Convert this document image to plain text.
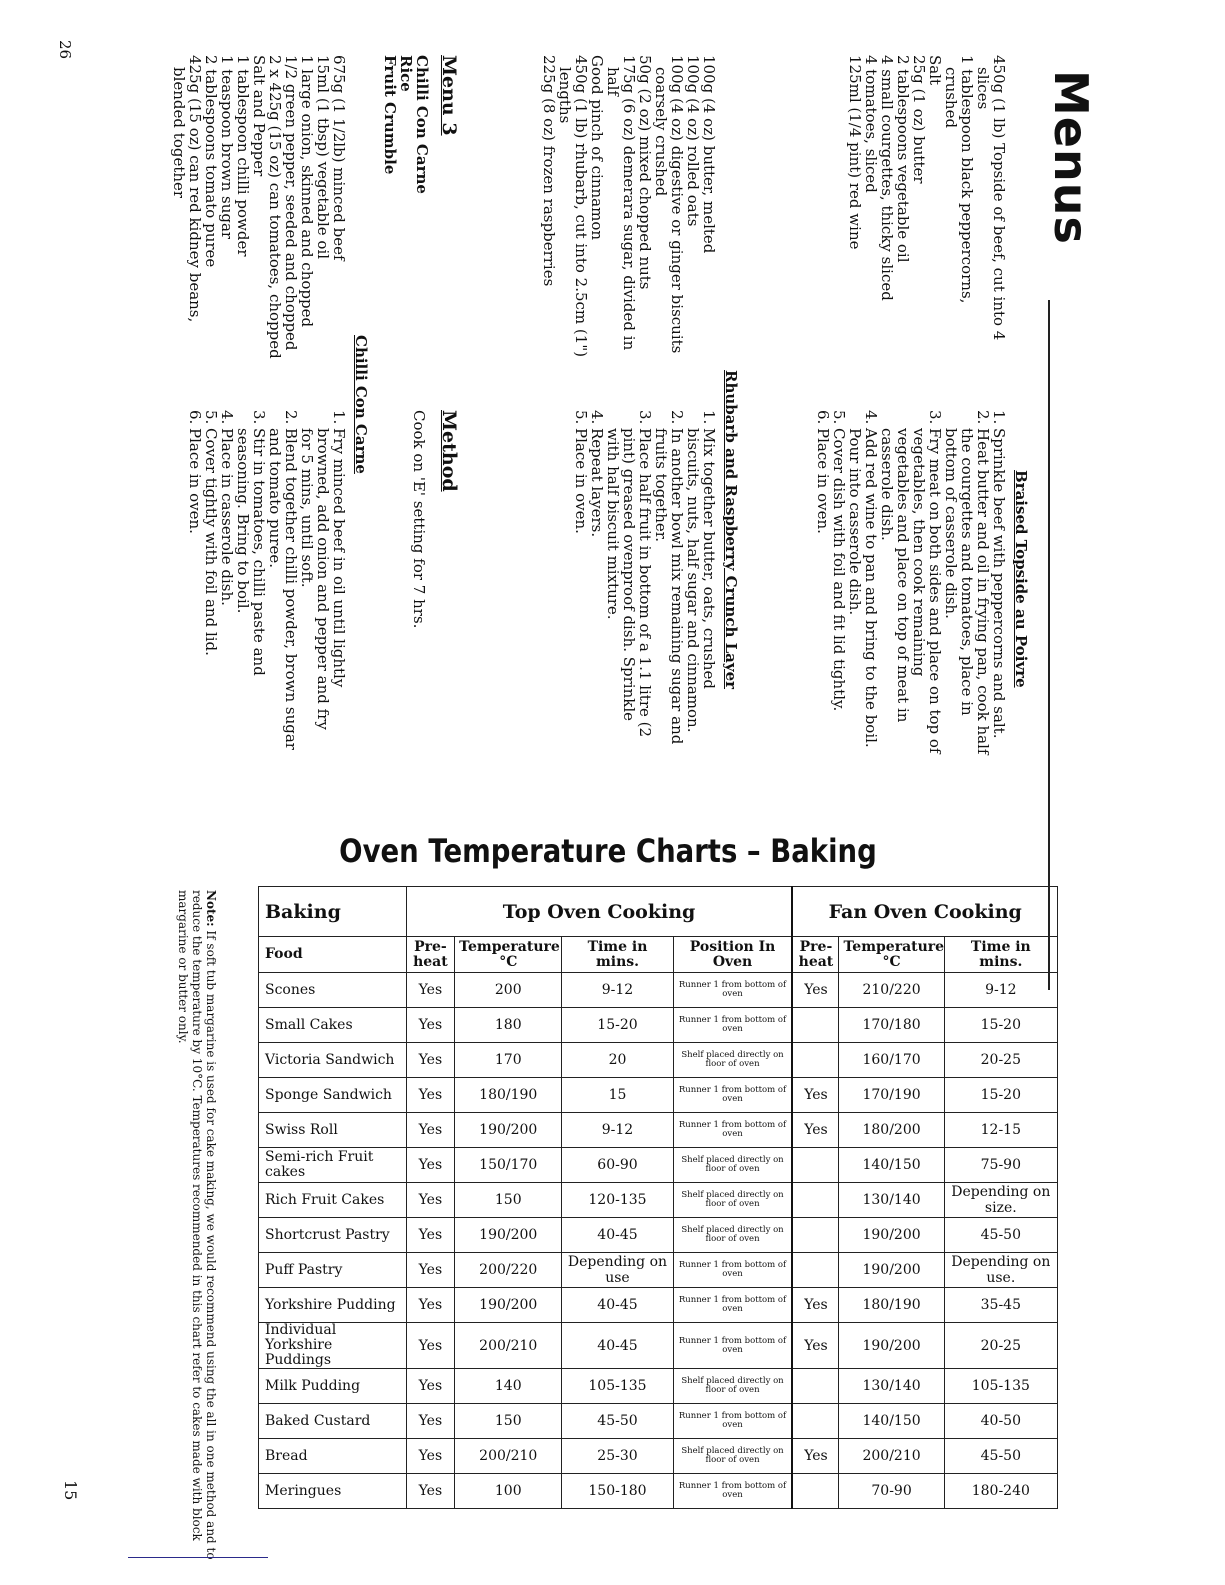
Menus
Braised Topside au Poivre
450g (1 lb) Topside of beef, cut into 4 slices
1 tablespoon black peppercorns, crushed
Salt
25g (1 oz) butter
2 tablespoons vegetable oil
4 small courgettes, thicky sliced
4 tomatoes, sliced
125ml (1/4 pint) red wine
1.
Sprinkle beef with peppercorns and salt.
2.
Heat butter and oil in frying pan, cook half the courgettes and tomatoes, place in bottom of casserole dish.
3.
Fry meat on both sides and place on top of vegetables, then cook remaining vegetables and place on top of meat in casserole dish.
4.
Add red wine to pan and bring to the boil. Pour into casserole dish.
5.
Cover dish with foil and fit lid tightly.
6.
Place in oven.
Rhubarb and Raspberry Crunch Layer
100g (4 oz) butter, melted
100g (4 oz) rolled oats
100g (4 oz) digestive or ginger biscuits coarsely crushed
50g (2 oz) mixed chopped nuts
175g (6 oz) demerara sugar, divided in half
Good pinch of cinnamon
450g (1 lb) rhubarb, cut into 2.5cm (1") lengths
225g (8 oz) frozen raspberries
1.
Mix together butter, oats, crushed biscuits, nuts, half sugar and cinnamon.
2.
In another bowl mix remaining sugar and fruits together.
3.
Place half fruit in bottom of a 1.1 litre (2 pint) greased ovenproof dish. Sprinkle with half biscuit mixture.
4.
Repeat layers.
5.
Place in oven.
Menu 3
Chilli Con Carne
Rice
Fruit Crumble
Method

Cook on 'E' setting for 7 hrs.

Chilli Con Carne
675g (1 1/2lb) minced beef
15ml (1 tbsp) vegetable oil
1 large onion, skinned and chopped
1/2 green pepper, seeded and chopped
2 x 425g (15 oz) can tomatoes, chopped
Salt and Pepper
1 tablespoon chilli powder
1 teaspoon brown sugar
2 tablespoons tomato puree
425g (15 oz) can red kidney beans, blended together
1.
Fry minced beef in oil until lightly browned, add onion and pepper and fry for 5 mins, until soft.
2.
Blend together chilli powder, brown sugar and tomato puree.
3.
Stir in tomatoes, chilli paste and seasoning. Bring to boil.
4.
Place in casserole dish.
5.
Cover tightly with foil and lid.
6.
Place in oven.
26
Oven Temperature Charts – Baking
Baking	Top Oven Cooking				Fan Oven Cooking		
Food	Pre- heat	Temperature °C	Time in mins.	Position In Oven	Pre- heat	Temperature °C	Time in mins.
Scones	Yes	200	9-12	Runner 1 from bottom of oven	Yes	210/220	9-12
Small Cakes	Yes	180	15-20	Runner 1 from bottom of oven		170/180	15-20
Victoria Sandwich	Yes	170	20	Shelf placed directly on floor of oven		160/170	20-25
Sponge Sandwich	Yes	180/190	15	Runner 1 from bottom of oven	Yes	170/190	15-20
Swiss Roll	Yes	190/200	9-12	Runner 1 from bottom of oven	Yes	180/200	12-15
Semi-rich Fruit cakes	Yes	150/170	60-90	Shelf placed directly on floor of oven		140/150	75-90
Rich Fruit Cakes	Yes	150	120-135	Shelf placed directly on floor of oven		130/140	Depending on size.
Shortcrust Pastry	Yes	190/200	40-45	Shelf placed directly on floor of oven		190/200	45-50
Puff Pastry	Yes	200/220	Depending on use	Runner 1 from bottom of oven		190/200	Depending on use.
Yorkshire Pudding	Yes	190/200	40-45	Runner 1 from bottom of oven	Yes	180/190	35-45
Individual Yorkshire Puddings	Yes	200/210	40-45	Runner 1 from bottom of oven	Yes	190/200	20-25
Milk Pudding	Yes	140	105-135	Shelf placed directly on floor of oven		130/140	105-135
Baked Custard	Yes	150	45-50	Runner 1 from bottom of oven		140/150	40-50
Bread	Yes	200/210	25-30	Shelf placed directly on floor of oven	Yes	200/210	45-50
Meringues	Yes	100	150-180	Runner 1 from bottom of oven		70-90	180-240

Note: If soft tub margarine is used for cake making, we would recommend using the all in one method and to reduce the temperature by 10°C. Temperatures recommended in this chart refer to cakes made with block margarine or butter only.

15
